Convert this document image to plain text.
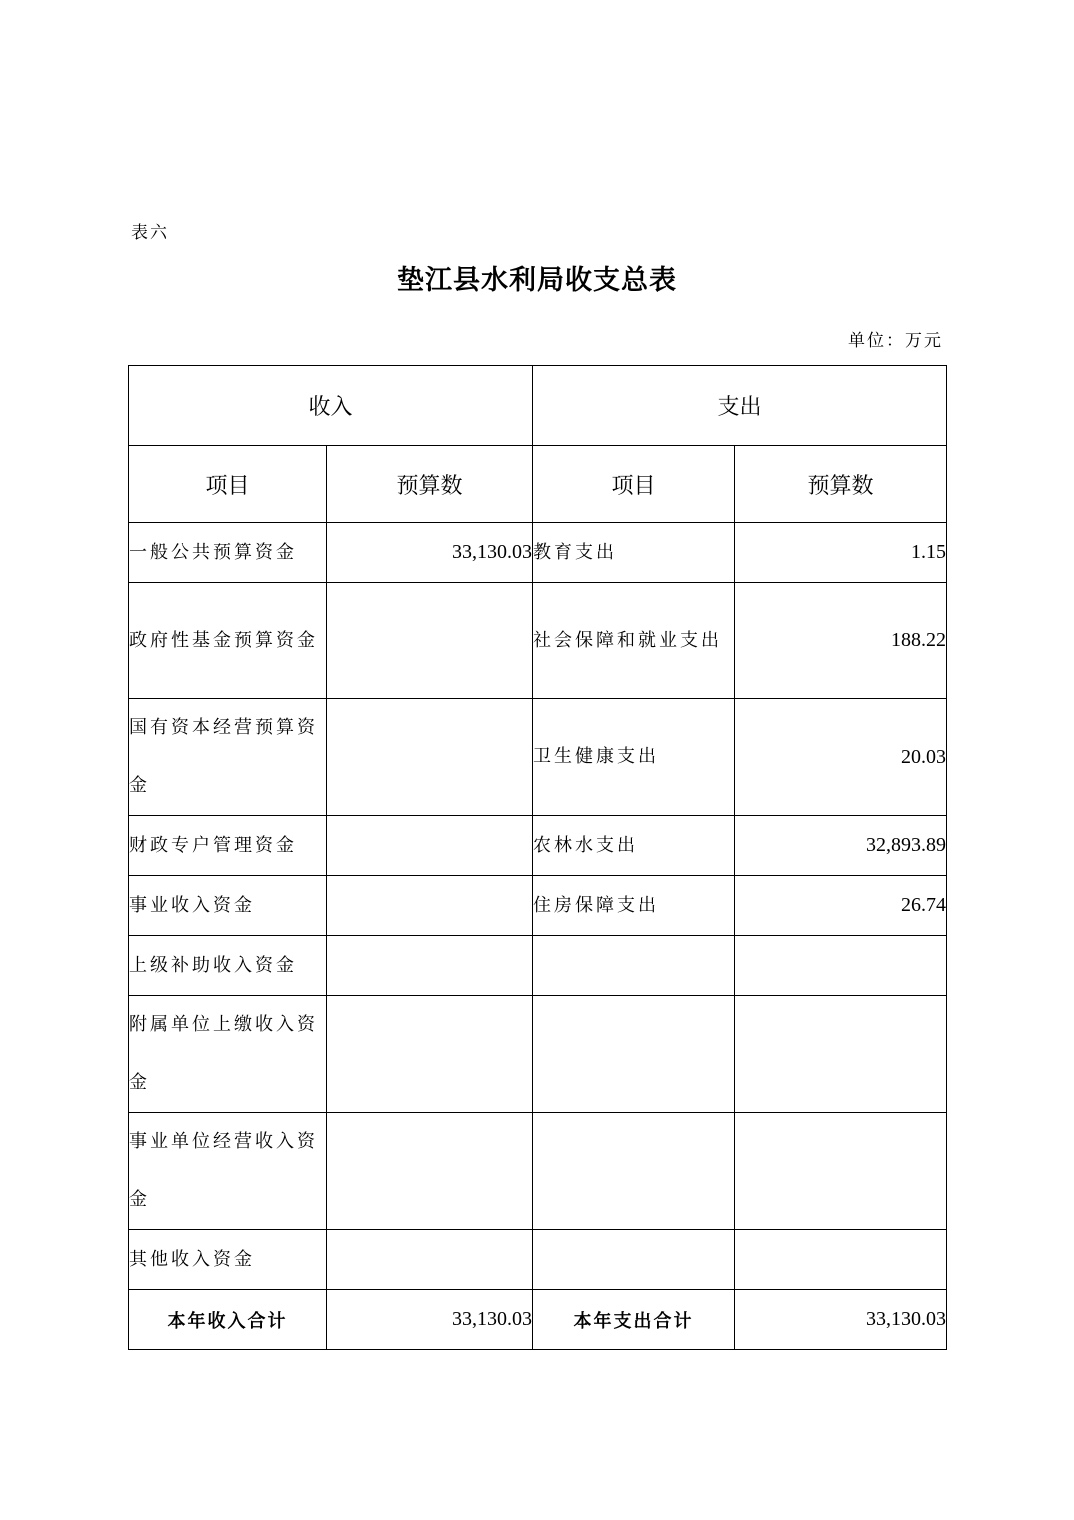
表六
垫江县水利局收支总表
单位：万元
收入		支出	
项目	预算数	项目	预算数
一般公共预算资金	33,130.03	教育支出	1.15
政府性基金预算资金		社会保障和就业支出	188.22
国有资本经营预算资金		卫生健康支出	20.03
财政专户管理资金		农林水支出	32,893.89
事业收入资金		住房保障支出	26.74
上级补助收入资金			
附属单位上缴收入资金			
事业单位经营收入资金			
其他收入资金			
本年收入合计	33,130.03	本年支出合计	33,130.03
